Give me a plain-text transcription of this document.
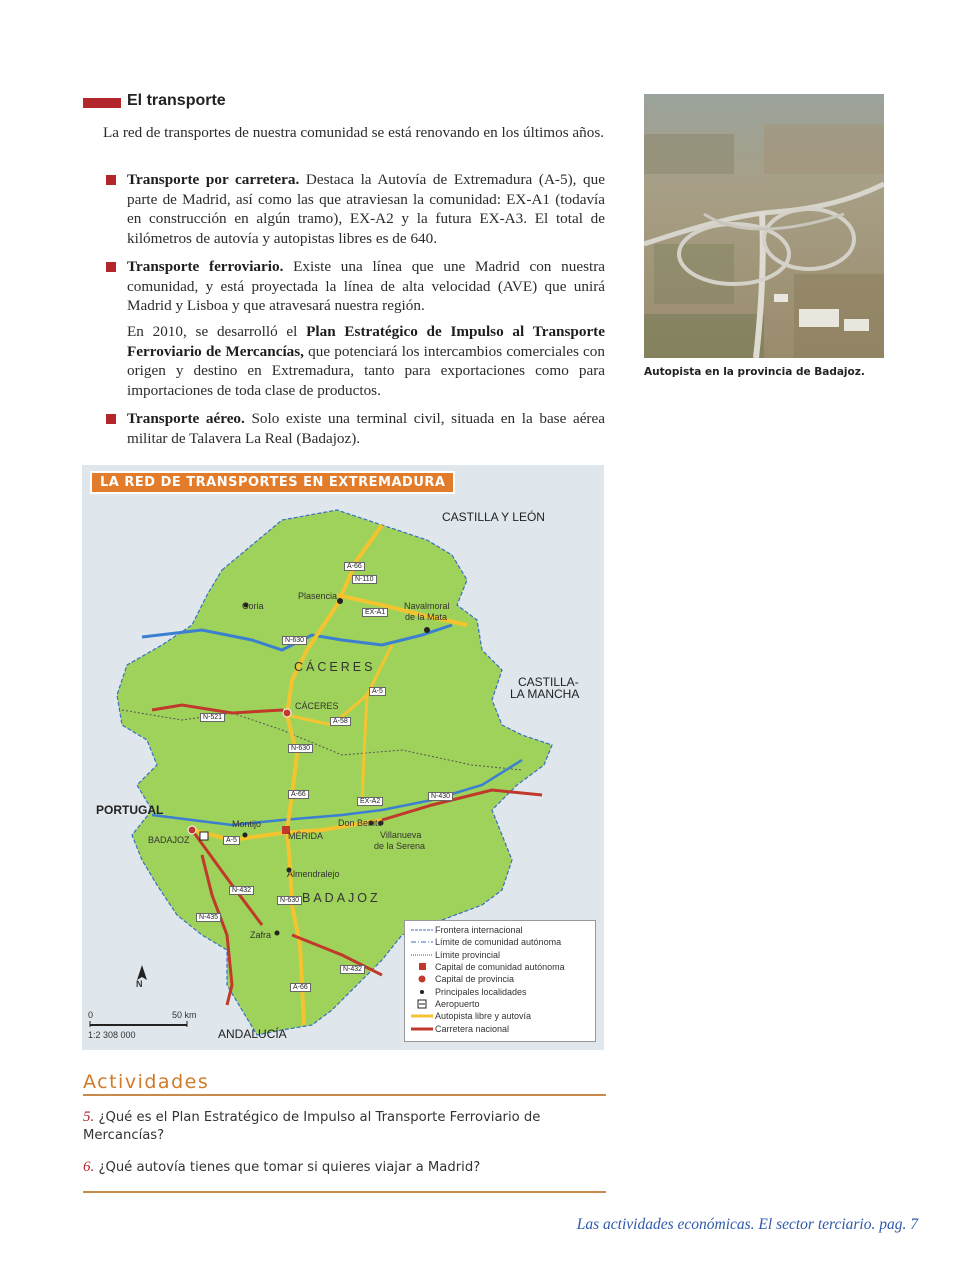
El transporte
La red de transportes de nuestra comunidad se está renovando en los últimos años.
Transporte por carretera. Destaca la Autovía de Extremadura (A-5), que parte de Madrid, así como las que atraviesan la comunidad: EX-A1 (todavía en construcción en algún tramo), EX-A2 y la futura EX-A3. El total de kilómetros de autovía y autopistas libres es de 640.
Transporte ferroviario. Existe una línea que une Madrid con nuestra comunidad, y está proyectada la línea de alta velocidad (AVE) que unirá Madrid y Lisboa y que atravesará nuestra región.
En 2010, se desarrolló el Plan Estratégico de Impulso al Transporte Ferroviario de Mercancías, que potenciará los intercambios comerciales con origen y destino en Extremadura, tanto para exportaciones como para importaciones de toda clase de productos.
Transporte aéreo. Solo existe una terminal civil, situada en la base aérea militar de Talavera La Real (Badajoz).
Autopista en la provincia de Badajoz.
LA RED DE TRANSPORTES EN EXTREMADURA
CASTILLA Y LEÓN
CASTILLA-
LA MANCHA
PORTUGAL
ANDALUCÍA
CÁCERES
BADAJOZ
Coria
Plasencia
Navalmoral
de la Mata
CÁCERES
Montijo
BADAJOZ	MÉRIDA
Don Benito
Villanueva
de la Serena
Almendralejo
Zafra
A-66
N-110
EX-A1
N-630
A-5
N-521
A-58
N-630
A-66
EX-A2
N-430
A-5
N-432
N-630
N-435
N-432
A-66
N
0	50 km
1:2 308 000
Frontera internacional
Límite de comunidad autónoma
Límite provincial
Capital de comunidad autónoma
Capital de provincia
Principales localidades
Aeropuerto
Autopista libre y autovía
Carretera nacional
Actividades
5. ¿Qué es el Plan Estratégico de Impulso al Transporte Ferroviario de Mercancías?
6. ¿Qué autovía tienes que tomar si quieres viajar a Madrid?
Las actividades económicas. El sector terciario. pag. 7
